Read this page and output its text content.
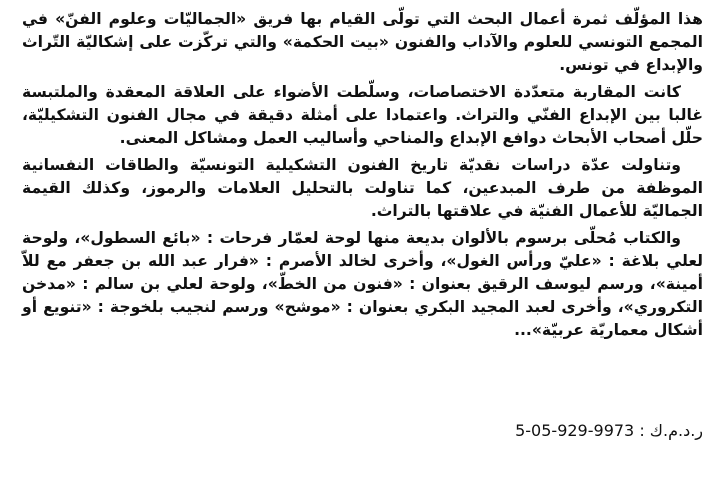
هذا المؤلّف ثمرة أعمال البحث التي تولّى القيام بها فريق «الجماليّات وعلوم الفنّ» في المجمع التونسي للعلوم والآداب والفنون «بيت الحكمة» والتي تركّزت على إشكاليّة التّراث والإبداع في تونس.

كانت المقاربة متعدّدة الاختصاصات، وسلّطت الأضواء على العلاقة المعقدة والملتبسة غالبا بين الإبداع الفنّي والتراث. واعتمادا على أمثلة دقيقة في مجال الفنون التشكيليّة، حلّل أصحاب الأبحاث دوافع الإبداع والمناحي وأساليب العمل ومشاكل المعنى.

وتناولت عدّة دراسات نقديّة تاريخ الفنون التشكيلية التونسيّة والطاقات النفسانية الموظفة من طرف المبدعين، كما تناولت بالتحليل العلامات والرموز، وكذلك القيمة الجماليّة للأعمال الفنيّة في علاقتها بالتراث.

والكتاب مُحلّى برسوم بالألوان بديعة منها لوحة لعمّار فرحات : «بائع السطول»، ولوحة لعلي بلاغة : «عليّ ورأس الغول»، وأخرى لخالد الأصرم : «فرار عبد الله بن جعفر مع للاّ أمينة»، ورسم ليوسف الرقيق بعنوان : «فنون من الخطّ»، ولوحة لعلي بن سالم : «مدخن التكروري»، وأخرى لعبد المجيد البكري بعنوان : «موشح» ورسم لنجيب بلخوجة : «تنويع أو أشكال معماريّة عربيّة»...

ر.د.م.ك : 9973-929-05-5
